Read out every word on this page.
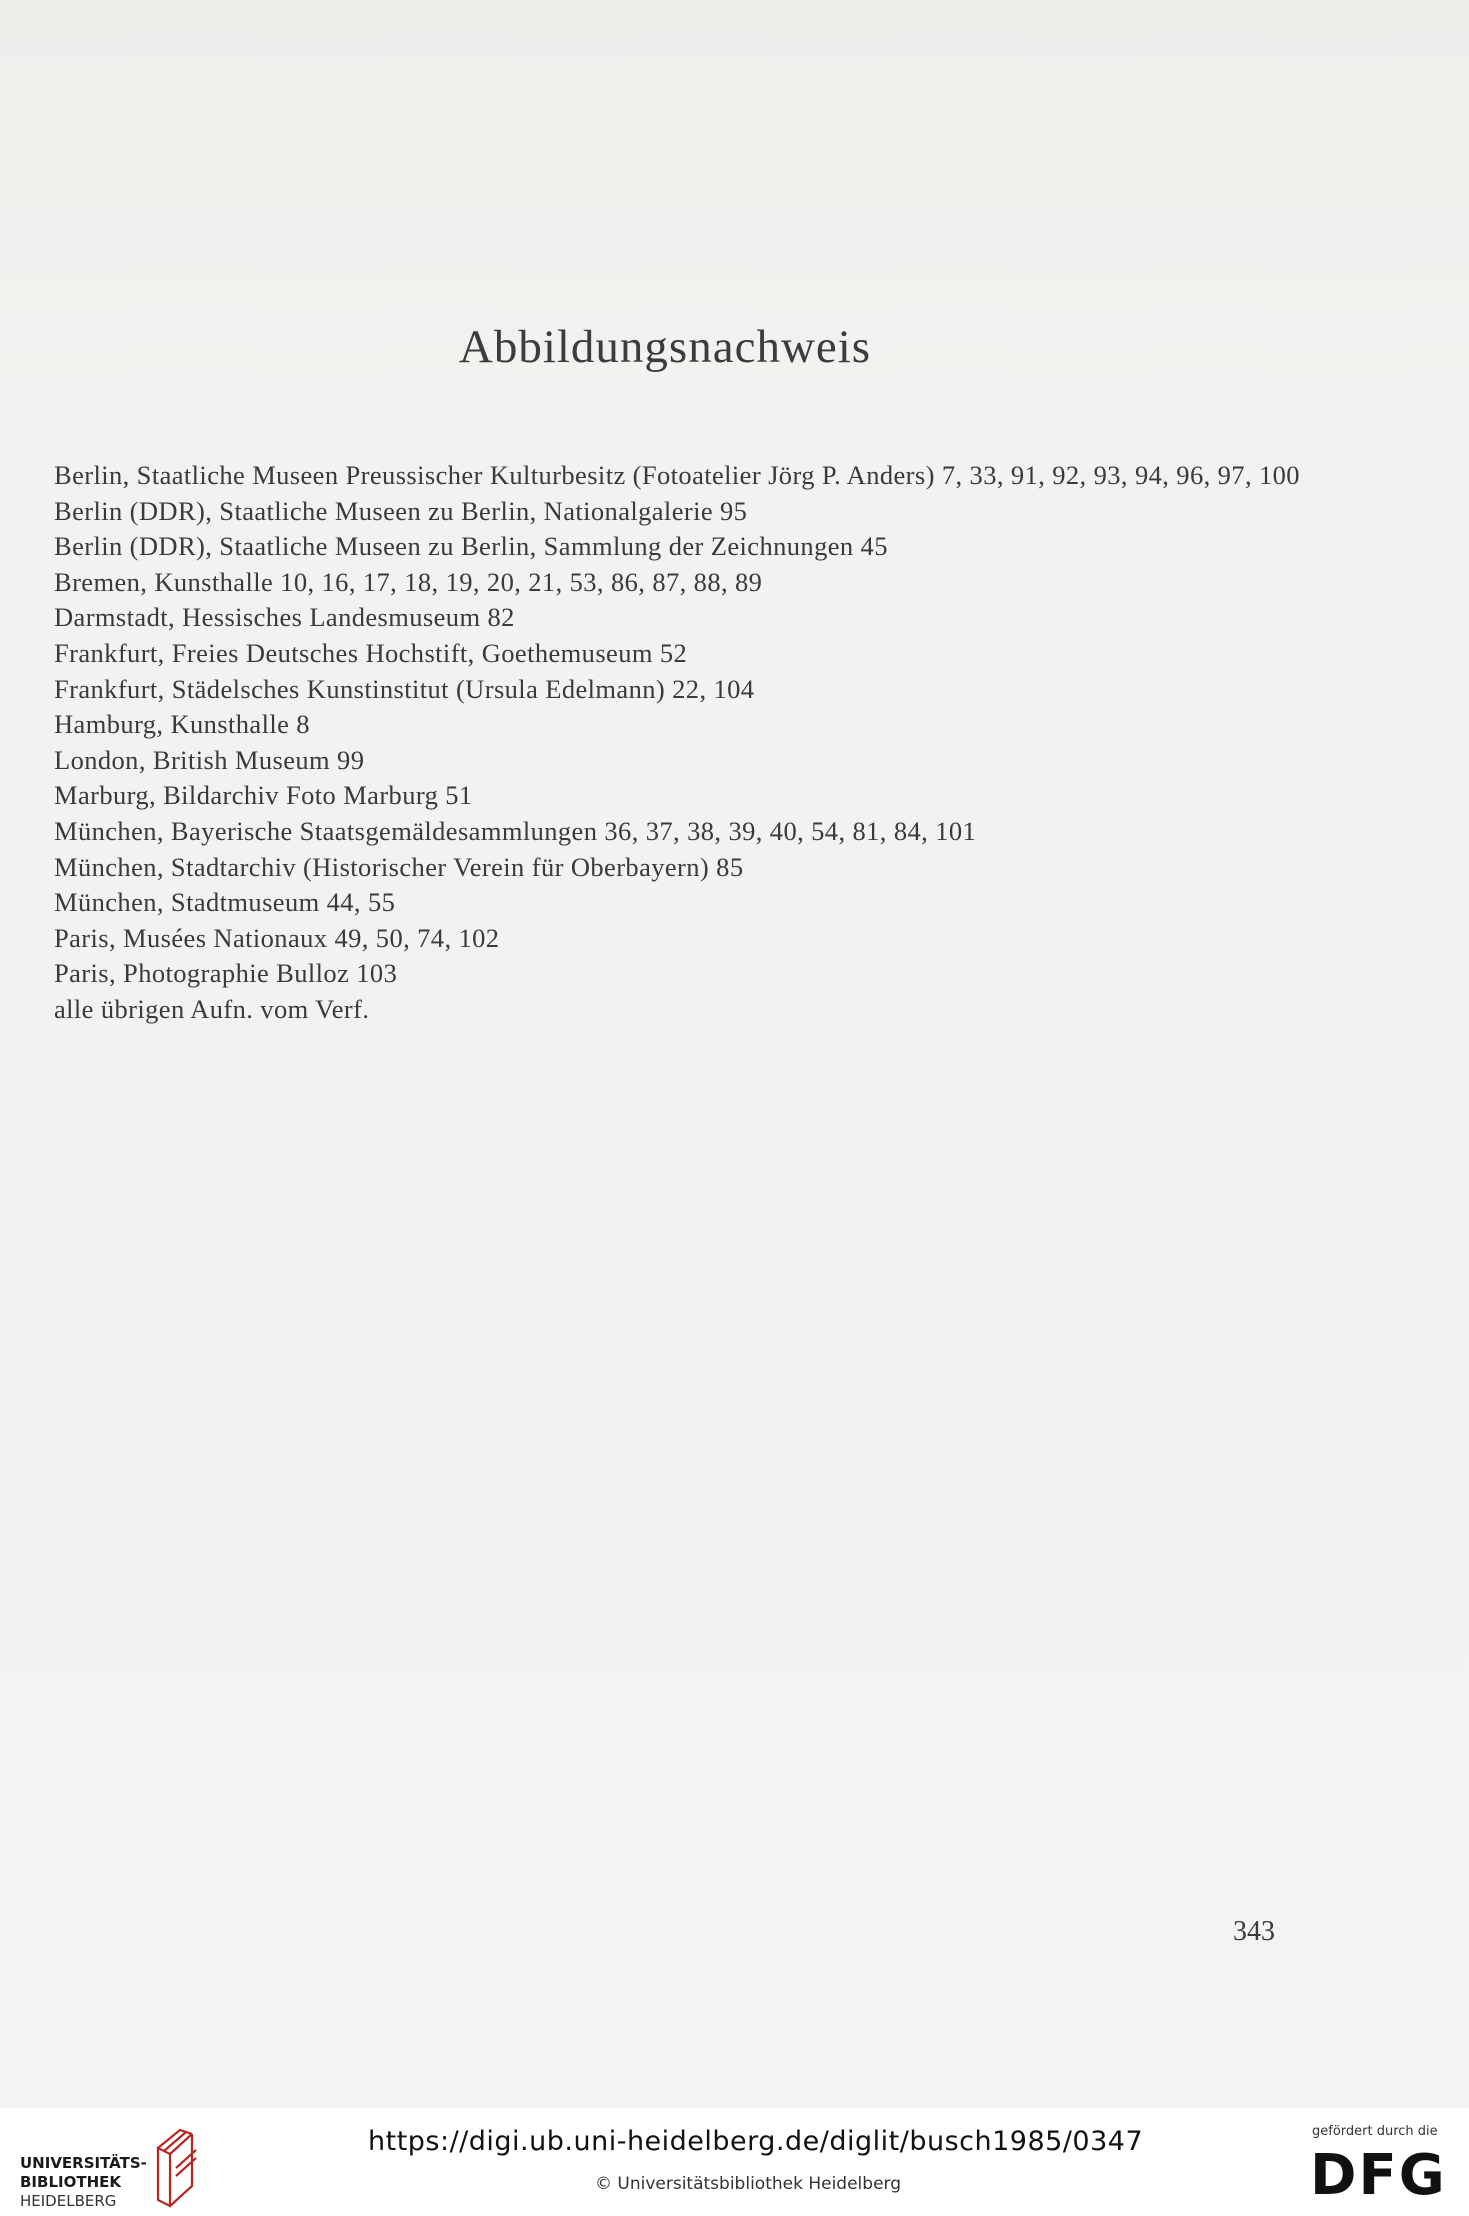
Abbildungsnachweis
Berlin, Staatliche Museen Preussischer Kulturbesitz (Fotoatelier Jörg P. Anders) 7, 33, 91, 92, 93, 94, 96, 97, 100
Berlin (DDR), Staatliche Museen zu Berlin, Nationalgalerie 95
Berlin (DDR), Staatliche Museen zu Berlin, Sammlung der Zeichnungen 45
Bremen, Kunsthalle 10, 16, 17, 18, 19, 20, 21, 53, 86, 87, 88, 89
Darmstadt, Hessisches Landesmuseum 82
Frankfurt, Freies Deutsches Hochstift, Goethemuseum 52
Frankfurt, Städelsches Kunstinstitut (Ursula Edelmann) 22, 104
Hamburg, Kunsthalle 8
London, British Museum 99
Marburg, Bildarchiv Foto Marburg 51
München, Bayerische Staatsgemäldesammlungen 36, 37, 38, 39, 40, 54, 81, 84, 101
München, Stadtarchiv (Historischer Verein für Oberbayern) 85
München, Stadtmuseum 44, 55
Paris, Musées Nationaux 49, 50, 74, 102
Paris, Photographie Bulloz 103
alle übrigen Aufn. vom Verf.
343
UNIVERSITÄTS-
BIBLIOTHEK
HEIDELBERG
https://digi.ub.uni-heidelberg.de/diglit/busch1985/0347
© Universitätsbibliothek Heidelberg
gefördert durch die
DFG
